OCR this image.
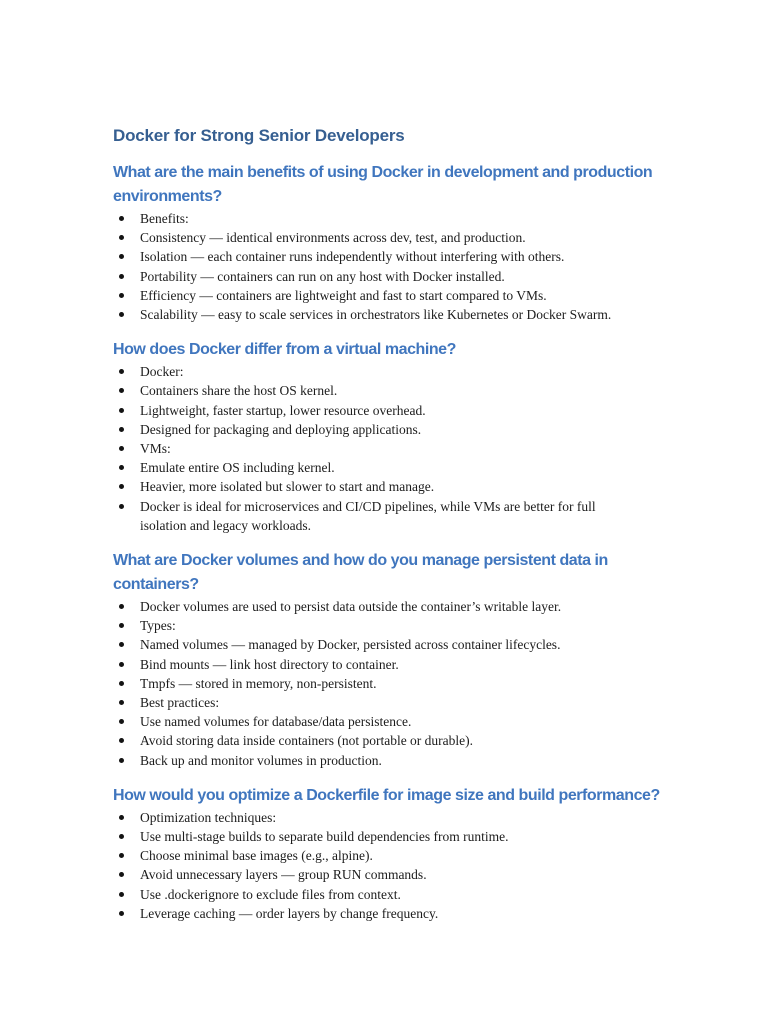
Docker for Strong Senior Developers
What are the main benefits of using Docker in development and production
environments?
Benefits:
Consistency — identical environments across dev, test, and production.
Isolation — each container runs independently without interfering with others.
Portability — containers can run on any host with Docker installed.
Efficiency — containers are lightweight and fast to start compared to VMs.
Scalability — easy to scale services in orchestrators like Kubernetes or Docker Swarm.
How does Docker differ from a virtual machine?
Docker:
Containers share the host OS kernel.
Lightweight, faster startup, lower resource overhead.
Designed for packaging and deploying applications.
VMs:
Emulate entire OS including kernel.
Heavier, more isolated but slower to start and manage.
Docker is ideal for microservices and CI/CD pipelines, while VMs are better for full
isolation and legacy workloads.
What are Docker volumes and how do you manage persistent data in
containers?
Docker volumes are used to persist data outside the container’s writable layer.
Types:
Named volumes — managed by Docker, persisted across container lifecycles.
Bind mounts — link host directory to container.
Tmpfs — stored in memory, non-persistent.
Best practices:
Use named volumes for database/data persistence.
Avoid storing data inside containers (not portable or durable).
Back up and monitor volumes in production.
How would you optimize a Dockerfile for image size and build performance?
Optimization techniques:
Use multi-stage builds to separate build dependencies from runtime.
Choose minimal base images (e.g., alpine).
Avoid unnecessary layers — group RUN commands.
Use .dockerignore to exclude files from context.
Leverage caching — order layers by change frequency.
